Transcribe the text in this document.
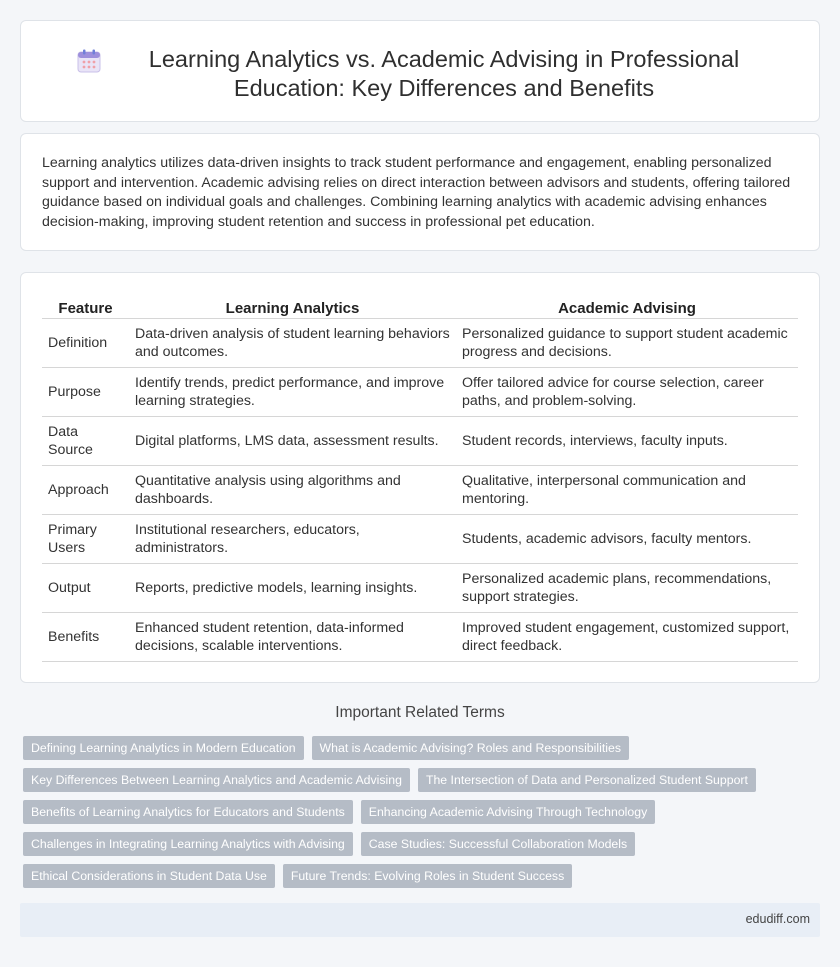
Learning Analytics vs. Academic Advising in Professional Education: Key Differences and Benefits

Learning analytics utilizes data-driven insights to track student performance and engagement, enabling personalized support and intervention. Academic advising relies on direct interaction between advisors and students, offering tailored guidance based on individual goals and challenges. Combining learning analytics with academic advising enhances decision-making, improving student retention and success in professional pet education.

Feature	Learning Analytics	Academic Advising
Definition	Data-driven analysis of student learning behaviors and outcomes.	Personalized guidance to support student academic progress and decisions.
Purpose	Identify trends, predict performance, and improve learning strategies.	Offer tailored advice for course selection, career paths, and problem-solving.
Data Source	Digital platforms, LMS data, assessment results.	Student records, interviews, faculty inputs.
Approach	Quantitative analysis using algorithms and dashboards.	Qualitative, interpersonal communication and mentoring.
Primary Users	Institutional researchers, educators, administrators.	Students, academic advisors, faculty mentors.
Output	Reports, predictive models, learning insights.	Personalized academic plans, recommendations, support strategies.
Benefits	Enhanced student retention, data-informed decisions, scalable interventions.	Improved student engagement, customized support, direct feedback.
Important Related Terms
Defining Learning Analytics in Modern Education	What is Academic Advising? Roles and Responsibilities
Key Differences Between Learning Analytics and Academic Advising	The Intersection of Data and Personalized Student Support
Benefits of Learning Analytics for Educators and Students	Enhancing Academic Advising Through Technology
Challenges in Integrating Learning Analytics with Advising	Case Studies: Successful Collaboration Models
Ethical Considerations in Student Data Use	Future Trends: Evolving Roles in Student Success
edudiff.com
